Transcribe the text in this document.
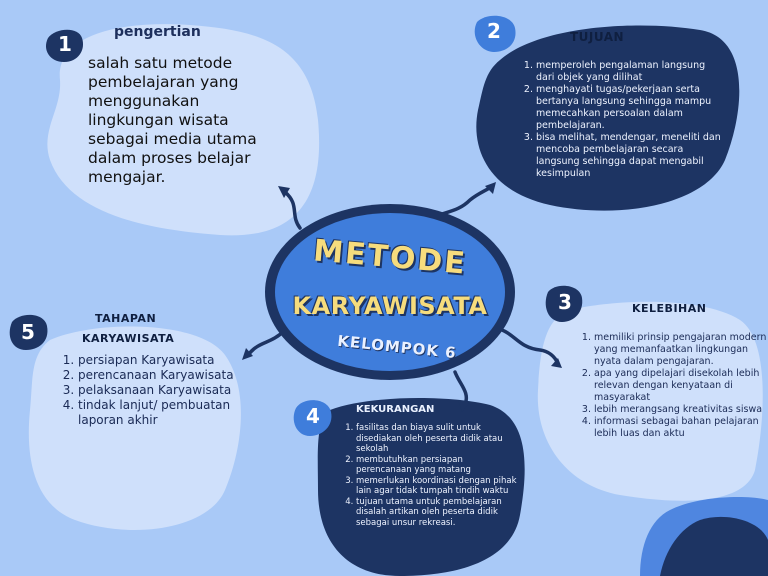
1
2
3
4
5
METODE
KARYAWISATA
KELOMPOK 6
pengertian
salah satu metode pembelajaran yang menggunakan lingkungan wisata sebagai media utama dalam proses belajar mengajar.
TUJUAN
1. memperoleh pengalaman langsung dari objek yang dilihat
2. menghayati tugas/pekerjaan serta bertanya langsung sehingga mampu memecahkan persoalan dalam pembelajaran.
3. bisa melihat, mendengar, meneliti dan mencoba pembelajaran secara langsung sehingga dapat mengabil kesimpulan
KELEBIHAN
1. memiliki prinsip pengajaran modern yang memanfaatkan lingkungan nyata dalam pengajaran.
2. apa yang dipelajari disekolah lebih relevan dengan kenyataan di masyarakat
3. lebih merangsang kreativitas siswa
4. informasi sebagai bahan pelajaran lebih luas dan aktu
KEKURANGAN
1. fasilitas dan biaya sulit untuk disediakan oleh peserta didik atau sekolah
2. membutuhkan persiapan perencanaan yang matang
3. memerlukan koordinasi dengan pihak lain agar tidak tumpah tindih waktu
4. tujuan utama untuk pembelajaran disalah artikan oleh peserta didik sebagai unsur rekreasi.
TAHAPAN
KARYAWISATA
1. persiapan Karyawisata
2. perencanaan Karyawisata
3. pelaksanaan Karyawisata
4. tindak lanjut/ pembuatan laporan akhir
